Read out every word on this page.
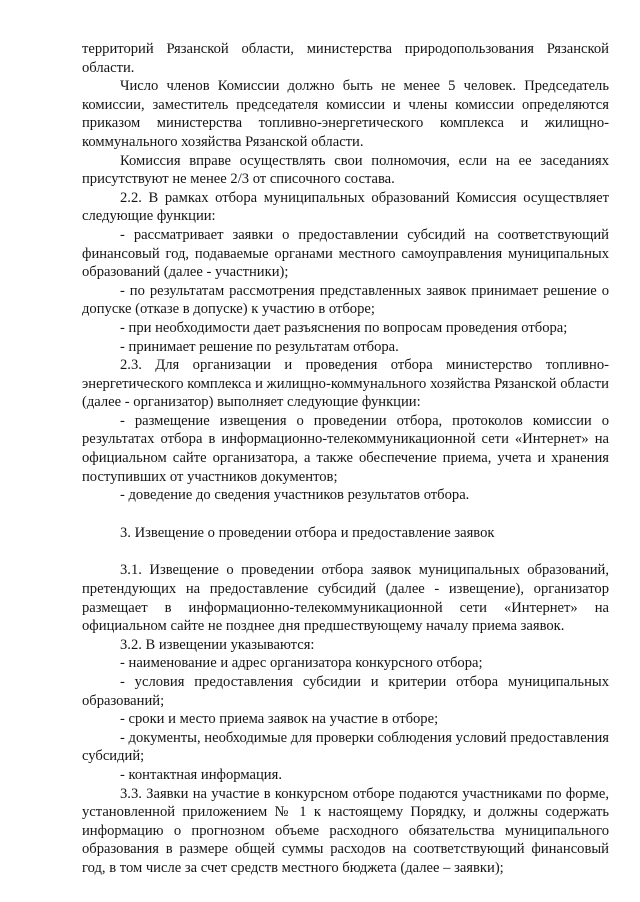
территорий Рязанской области, министерства природопользования Рязанской области.

Число членов Комиссии должно быть не менее 5 человек. Председатель комиссии, заместитель председателя комиссии и члены комиссии определяются приказом министерства топливно-энергетического комплекса и жилищно-коммунального хозяйства Рязанской области.

Комиссия вправе осуществлять свои полномочия, если на ее заседаниях присутствуют не менее 2/3 от списочного состава.

2.2. В рамках отбора муниципальных образований Комиссия осуществляет следующие функции:

- рассматривает заявки о предоставлении субсидий на соответствующий финансовый год, подаваемые органами местного самоуправления муниципальных образований (далее - участники);

- по результатам рассмотрения представленных заявок принимает решение о допуске (отказе в допуске) к участию в отборе;

- при необходимости дает разъяснения по вопросам проведения отбора;

- принимает решение по результатам отбора.

2.3. Для организации и проведения отбора министерство топливно-энергетического комплекса и жилищно-коммунального хозяйства Рязанской области (далее - организатор) выполняет следующие функции:

- размещение извещения о проведении отбора, протоколов комиссии о результатах отбора в информационно-телекоммуникационной сети «Интернет» на официальном сайте организатора, а также обеспечение приема, учета и хранения поступивших от участников документов;

- доведение до сведения участников результатов отбора.

3. Извещение о проведении отбора и предоставление заявок

3.1. Извещение о проведении отбора заявок муниципальных образований, претендующих на предоставление субсидий (далее - извещение), организатор размещает в информационно-телекоммуникационной сети «Интернет» на официальном сайте не позднее дня предшествующему началу приема заявок.

3.2. В извещении указываются:

- наименование и адрес организатора конкурсного отбора;

- условия предоставления субсидии и критерии отбора муниципальных образований;

- сроки и место приема заявок на участие в отборе;

- документы, необходимые для проверки соблюдения условий предоставления субсидий;

- контактная информация.

3.3. Заявки на участие в конкурсном отборе подаются участниками по форме, установленной приложением № 1 к настоящему Порядку, и должны содержать информацию о прогнозном объеме расходного обязательства муниципального образования в размере общей суммы расходов на соответствующий финансовый год, в том числе за счет средств местного бюджета (далее – заявки);
